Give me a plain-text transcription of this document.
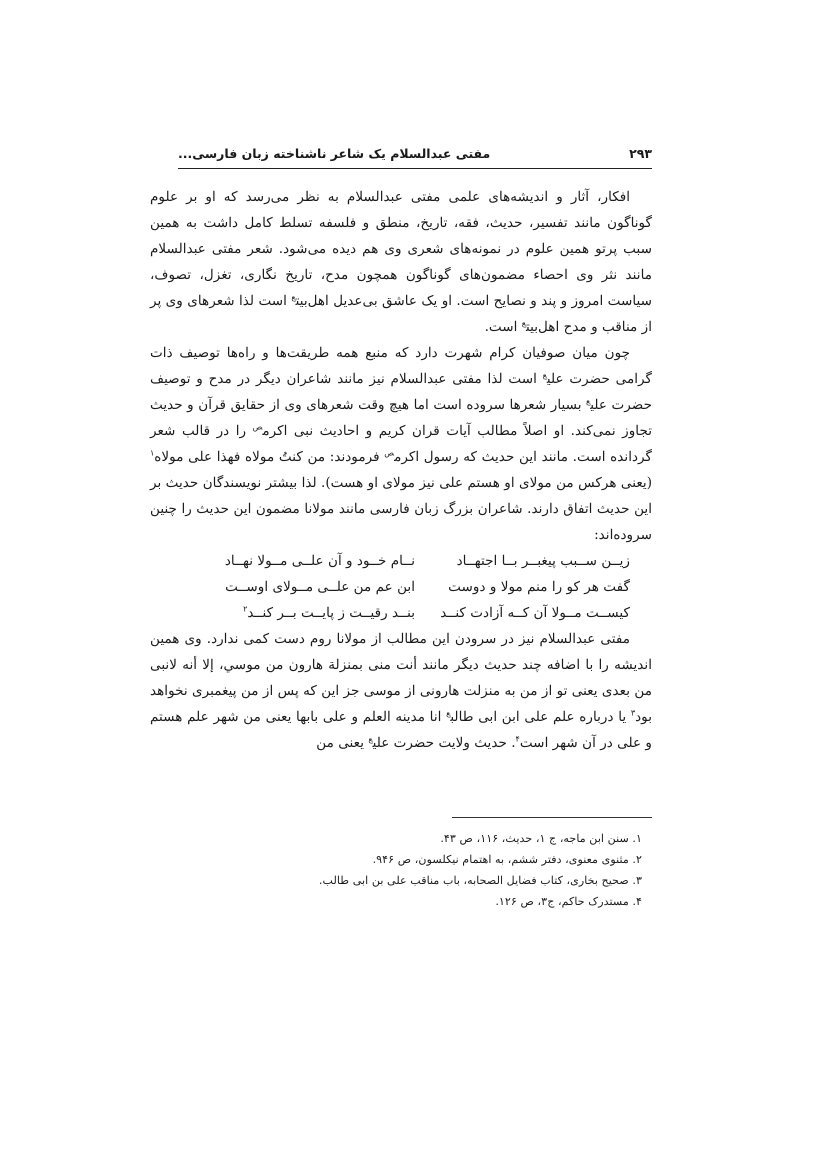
۲۹۳
مفتی عبدالسلام یک شاعر ناشناخته زبان فارسی...

افکار، آثار و اندیشه‌های علمی مفتی عبدالسلام به نظر می‌رسد که او بر علوم گوناگون مانند تفسیر، حدیث، فقه، تاریخ، منطق و فلسفه تسلط کامل داشت به همین سبب پرتو همین علوم در نمونه‌های شعری وی هم دیده می‌شود. شعر مفتی عبدالسلام مانند نثر وی احصاء مضمون‌های گوناگون همچون مدح، تاریخ نگاری، تغزل، تصوف، سیاست امروز و پند و نصایح است. او یک عاشق بی‌عدیل اهل‌بیت$^ع$ است لذا شعرهای وی پر از مناقب و مدح اهل‌بیت$^ع$ است.

چون میان صوفیان کرام شهرت دارد که منبع همه طریقت‌ها و راه‌ها توصیف ذات گرامی حضرت علی$^ع$ است لذا مفتی عبدالسلام نیز مانند شاعران دیگر در مدح و توصیف حضرت علی$^ع$ بسیار شعرها سروده است اما هیچ وقت شعرهای وی از حقایق قرآن و حدیث تجاوز نمی‌کند. او اصلاً مطالب آیات قران کریم و احادیث نبی اکرم$^ص$ را در قالب شعر گردانده است. مانند این حدیث که رسول اکرم$^ص$ فرمودند: من کنتُ مولاه فهذا علی مولاه$^۱$ (یعنی هرکس من مولای او هستم علی نیز مولای او هست). لذا بیشتر نویسندگان حدیث بر این حدیث اتفاق دارند. شاعران بزرگ زبان فارسی مانند مولانا مضمون این حدیث را چنین سروده‌اند:

زیــن ســبب پیغبــر بــا اجتهــاد
نــام خــود و آن علــی مــولا نهــاد
گفت هر کو را منم مولا و دوست
ابن عم من علــی مــولای اوســت
کیســت مــولا آن کــه آزادت کنــد
بنــد رقیــت ز پایــت بــر کنــد$^۲$

مفتی عبدالسلام نیز در سرودن این مطالب از مولانا روم دست کمی ندارد. وی همین اندیشه را با اضافه چند حدیث دیگر مانند أنت منی بمنزلة هارون من موسي، إلا أنه لانبی من بعدی یعنی تو از من به منزلت هارونی از موسی جز این که پس از من پیغمبری نخواهد بود$^۳$ یا درباره علم علی ابن ابی طالب$^ع$ انا مدینه العلم و علی بابها یعنی من شهر علم هستم و علی در آن شهر است$^۴$. حدیث ولایت حضرت علی$^ع$ یعنی من

۱. سنن ابن ماجه، ج ۱، حدیث، ۱۱۶، ص ۴۳.
۲. مثنوی معنوی، دفتر ششم، به اهتمام نیکلسون، ص ۹۴۶.
۳. صحیح بخاری، کتاب فضایل الصحابه، باب مناقب علی بن ابی طالب.
۴. مستدرک حاکم، ج۳، ص ۱۲۶.
